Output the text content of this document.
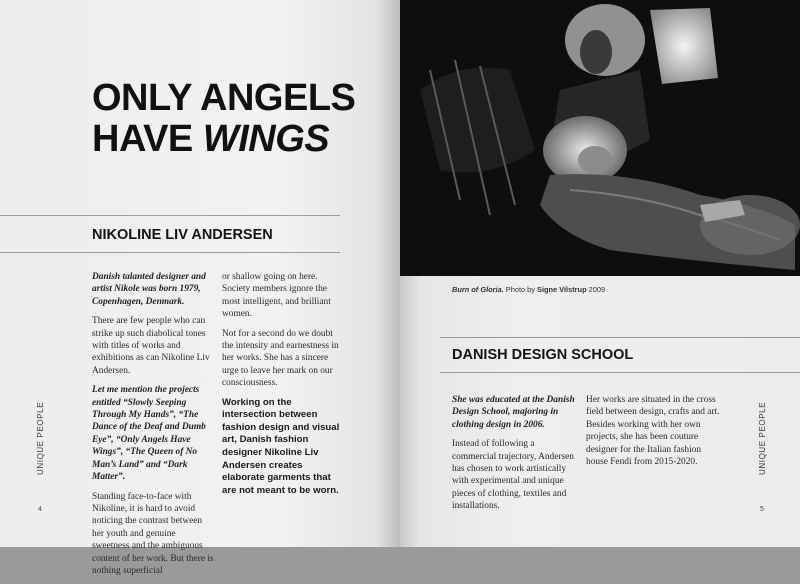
ONLY ANGELS
HAVE WINGS
NIKOLINE LIV ANDERSEN

Danish talanted designer and artist Nikole was born 1979, Copenhagen, Denmark.

There are few people who can strike up such diabolical tones with titles of works and exhibitions as can Nikoline Liv Andersen.

Let me mention the projects entitled “Slowly Seeping Through My Hands”, “The Dance of the Deaf and Dumb Eye”, “Only Angels Have Wings”, “The Queen of No Man’s Land” and “Dark Matter”.

Standing face-to-face with Nikoline, it is hard to avoid noticing the contrast between her youth and genuine sweetness and the ambiguous content of her work. But there is nothing superficial

or shallow going on here. Society members ignore the most intelligent, and brilliant women.

Not for a second do we doubt the intensity and earnestness in her works. She has a sincere urge to leave her mark on our consciousness.

Working on the intersection between fashion design and visual art, Danish fashion designer Nikoline Liv Andersen creates elaborate garments that are not meant to be worn.

UNIQUE PEOPLE
4
Burn of Gloria. Photo by Signe Vilstrup 2009
DANISH DESIGN SCHOOL

She was educated at the Danish Design School, majoring in clothing design in 2006.

Instead of following a commercial trajectory, Andersen has chosen to work artistically with experimental and unique pieces of clothing, textiles and installations.

Her works are situated in the cross field between design, crafts and art. Besides working with her own projects, she has been couture designer for the Italian fashion house Fendi from 2015-2020.	UNIQUE PEOPLE
5
